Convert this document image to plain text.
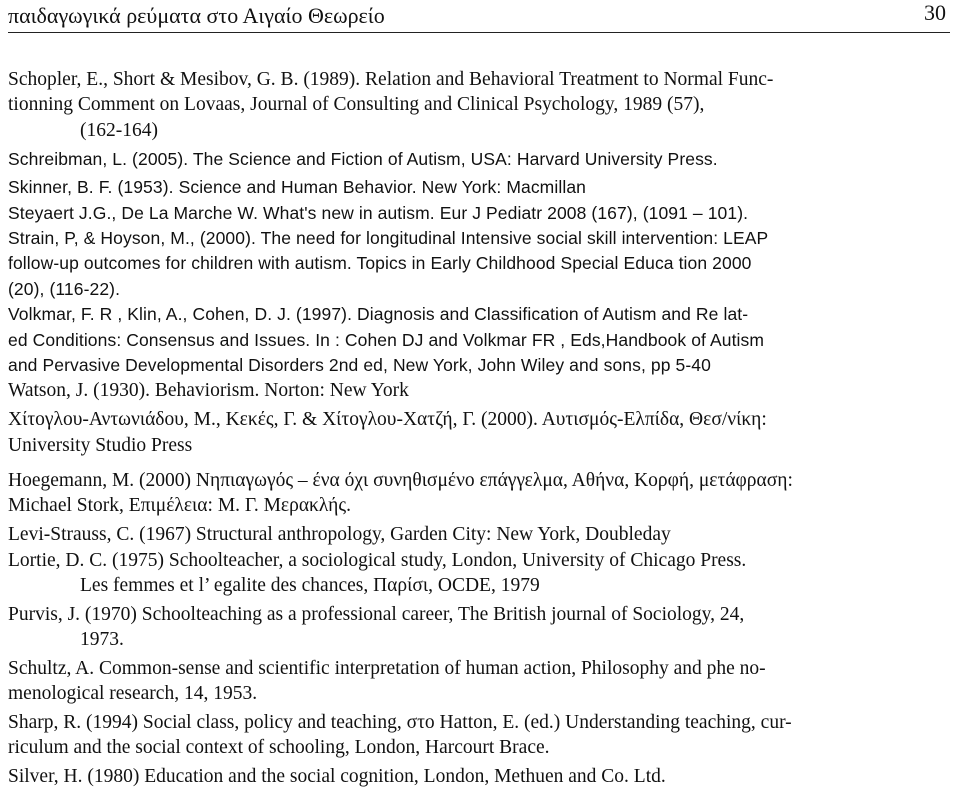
παιδαγωγικά ρεύματα στο Αιγαίο Θεωρείο	30
Schopler, E., Short & Mesibov, G. B. (1989). Relation and Behavioral Treatment to Normal Func-
tionning Comment on Lovaas, Journal of Consulting and Clinical Psychology, 1989 (57),
(162-164)
Schreibman, L. (2005). The Science and Fiction of Autism, USA: Harvard University Press.
Skinner, B. F. (1953). Science and Human Behavior. New York: Macmillan
Steyaert J.G., De La Marche W. What's new in autism. Eur J Pediatr 2008 (167), (1091 – 101).
Strain, P, & Hoyson, M., (2000). The need for longitudinal Intensive social skill intervention: LEAP
follow-up outcomes for children with autism. Topics in Early Childhood Special Educa tion 2000
(20), (116-22).
Volkmar, F. R , Klin, A., Cohen, D. J. (1997). Diagnosis and Classification of Autism and Re lat-
ed Conditions: Consensus and Issues. In : Cohen DJ and Volkmar FR , Eds,Handbook of Autism
and Pervasive Developmental Disorders 2nd ed, New York, John Wiley and sons, pp 5-40
Watson, J. (1930). Behaviorism. Norton: New York
Χίτογλου-Αντωνιάδου, Μ., Κεκές, Γ. & Χίτογλου-Χατζή, Γ. (2000). Αυτισμός-Ελπίδα, Θεσ/νίκη:
University Studio Press
Hoegemann, M. (2000) Νηπιαγωγός – ένα όχι συνηθισμένο επάγγελμα, Αθήνα, Κορφή, μετάφραση:
Michael Stork, Επιμέλεια: Μ. Γ. Μερακλής.
Levi-Strauss, C. (1967) Structural anthropology, Garden City: New York, Doubleday
Lortie, D. C. (1975) Schoolteacher, a sociological study, London, University of Chicago Press.
Les femmes et l’ egalite des chances, Παρίσι, OCDE, 1979
Purvis, J. (1970) Schoolteaching as a professional career, The British journal of Sociology, 24,
1973.
Schultz, A. Common-sense and scientific interpretation of human action, Philosophy and phe no-
menological research, 14, 1953.
Sharp, R. (1994) Social class, policy and teaching, στο Hatton, E. (ed.) Understanding teaching, cur-
riculum and the social context of schooling, London, Harcourt Brace.
Silver, H. (1980) Education and the social cognition, London, Methuen and Co. Ltd.
